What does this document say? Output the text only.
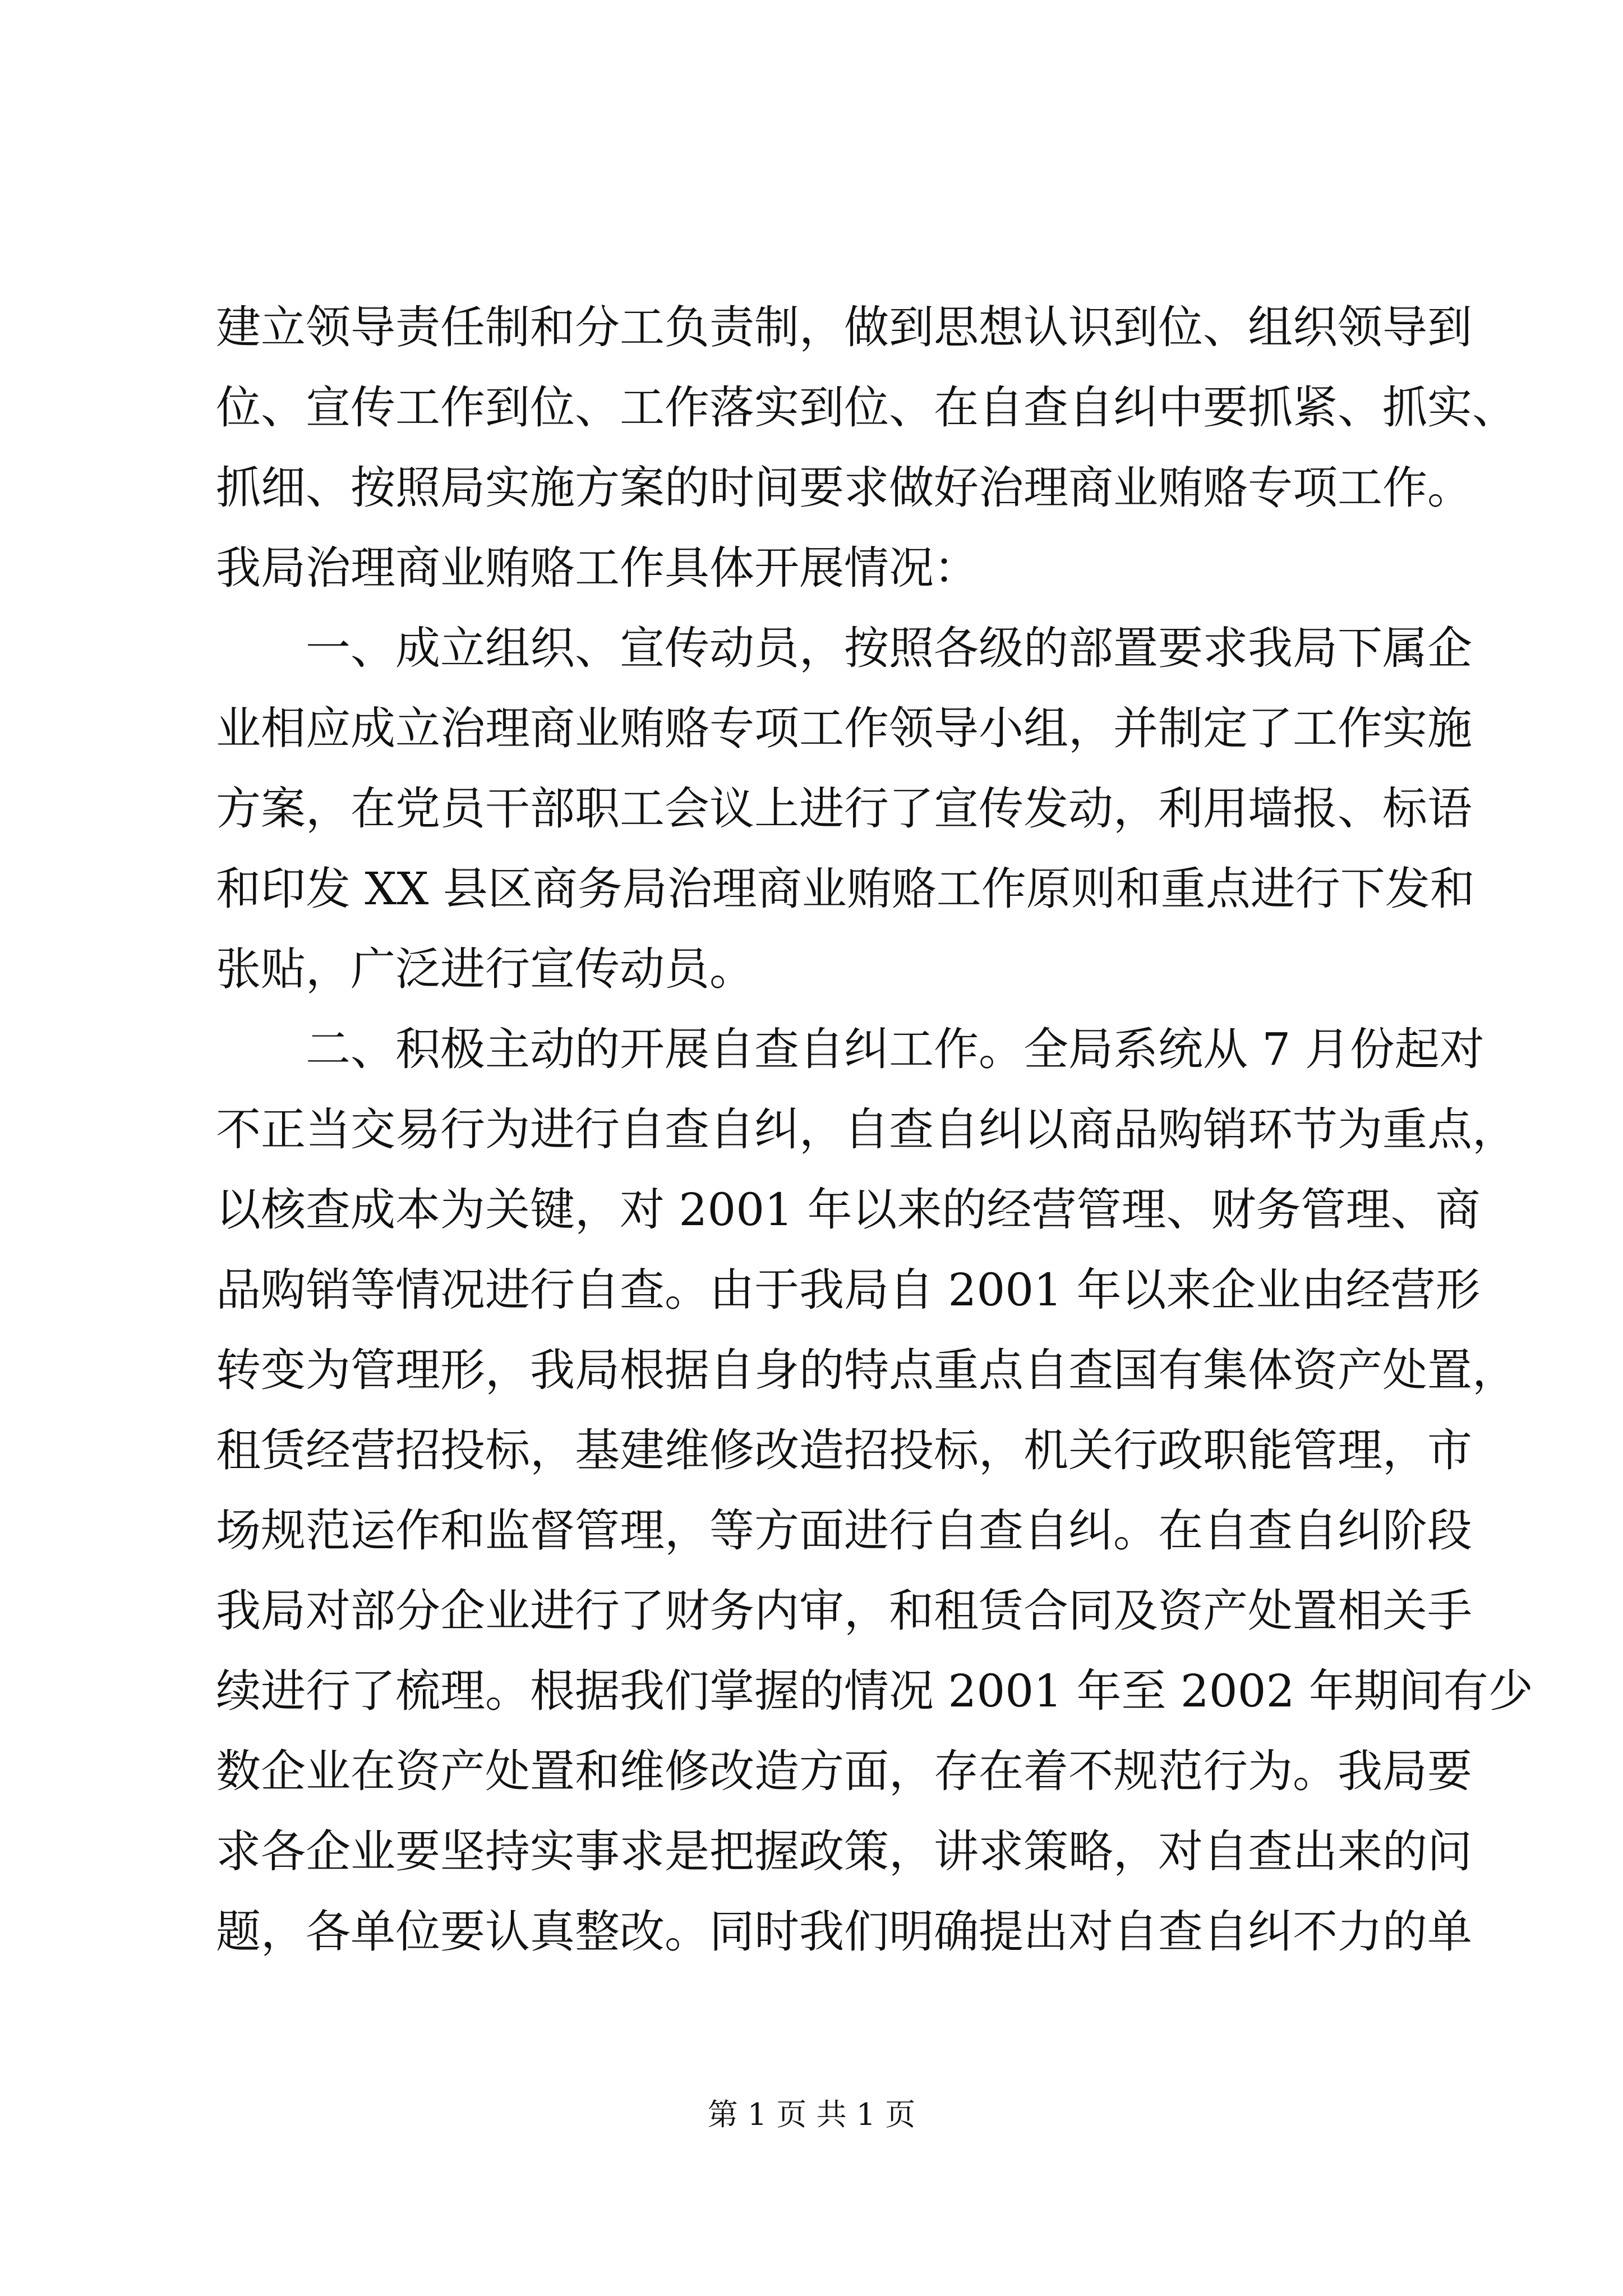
建立领导责任制和分工负责制，做到思想认识到位、组织领导到
位、宣传工作到位、工作落实到位、在自查自纠中要抓紧、抓实、
抓细、按照局实施方案的时间要求做好治理商业贿赂专项工作。
我局治理商业贿赂工作具体开展情况：
　　一、成立组织、宣传动员，按照各级的部置要求我局下属企
业相应成立治理商业贿赂专项工作领导小组，并制定了工作实施
方案，在党员干部职工会议上进行了宣传发动，利用墙报、标语
和印发 XX 县区商务局治理商业贿赂工作原则和重点进行下发和
张贴，广泛进行宣传动员。
　　二、积极主动的开展自查自纠工作。全局系统从 7 月份起对
不正当交易行为进行自查自纠，自查自纠以商品购销环节为重点，
以核查成本为关键，对 2001 年以来的经营管理、财务管理、商
品购销等情况进行自查。由于我局自 2001 年以来企业由经营形
转变为管理形，我局根据自身的特点重点自查国有集体资产处置，
租赁经营招投标，基建维修改造招投标，机关行政职能管理，市
场规范运作和监督管理，等方面进行自查自纠。在自查自纠阶段
我局对部分企业进行了财务内审，和租赁合同及资产处置相关手
续进行了梳理。根据我们掌握的情况 2001 年至 2002 年期间有少
数企业在资产处置和维修改造方面，存在着不规范行为。我局要
求各企业要坚持实事求是把握政策，讲求策略，对自查出来的问
题，各单位要认真整改。同时我们明确提出对自查自纠不力的单
第 1 页 共 1 页
